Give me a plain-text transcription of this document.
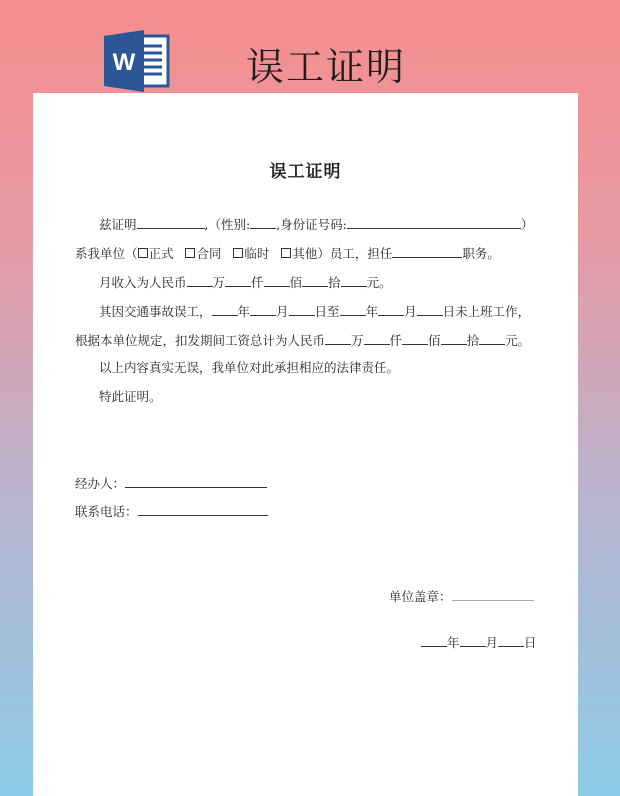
误工证明
W
误工证明
兹证明	,（性别: ,身份证号码:	）
系我单位（ 正式 合同 临时 其他）员工，担任	职务。
月收入为人民币 万 仟 佰 拾 元。
其因交通事故误工， 年 月 日至 年 月 日未上班工作，
根据本单位规定，扣发期间工资总计为人民币 万 仟 佰 拾 元。
以上内容真实无误，我单位对此承担相应的法律责任。
特此证明。
经办人：
联系电话：
单位盖章：
年 月 日
